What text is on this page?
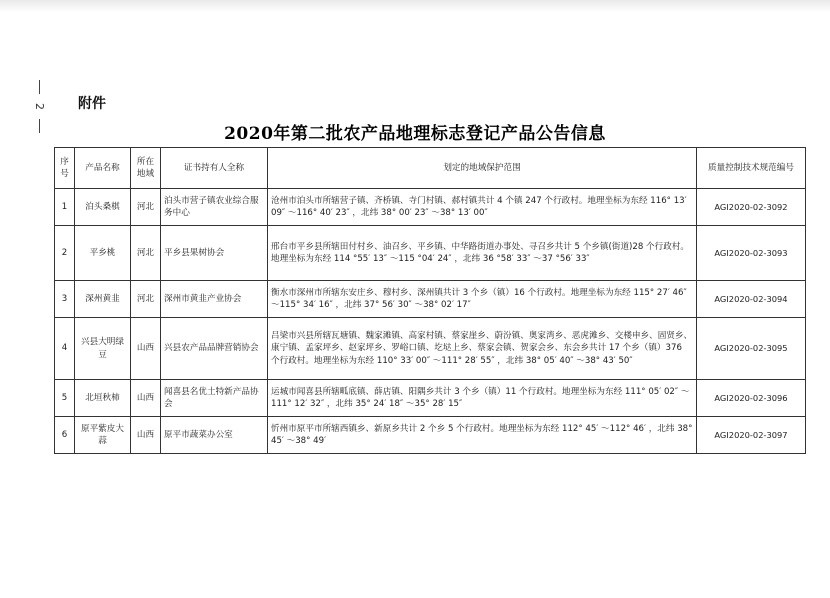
2 附件
2020年第二批农产品地理标志登记产品公告信息
序号	产品名称	所在地域	证书持有人全称	划定的地域保护范围	质量控制技术规范编号
1	泊头桑棋	河北	泊头市营子镇农业综合服务中心	沧州市泊头市所辖营子镇、齐桥镇、寺门村镇、郝村镇共计 4 个镇 247 个行政村。地理坐标为东经 116° 13′ 09″ ～116° 40′ 23″ ，北纬 38° 00′ 23″ ～38° 13′ 00″	AGI2020-02-3092
2	平乡桃	河北	平乡县果树协会	邢台市平乡县所辖田付村乡、油召乡、平乡镇、中华路街道办事处、寻召乡共计 5 个乡镇(街道)28 个行政村。地理坐标为东经 114 °55′ 13″ ～115 °04′ 24″ ，北纬 36 °58′ 33″ ～37 °56′ 33″	AGI2020-02-3093
3	深州黄韭	河北	深州市黄韭产业协会	衡水市深州市所辖东安庄乡、穆村乡、深州镇共计 3 个乡（镇）16 个行政村。地理坐标为东经 115° 27′ 46″ ～115° 34′ 16″ ，北纬 37° 56′ 30″ ～38° 02′ 17″	AGI2020-02-3094
4	兴县大明绿豆	山西	兴县农产品品牌营销协会	吕梁市兴县所辖瓦塘镇、魏家滩镇、高家村镇、蔡家崖乡、蔚汾镇、奥家湾乡、恶虎滩乡、交楼申乡、固贤乡、康宁镇、孟家坪乡、赵家坪乡、罗峪口镇、圪垯上乡、蔡家会镇、贺家会乡、东会乡共计 17 个乡（镇）376 个行政村。地理坐标为东经 110° 33′ 00″ ～111° 28′ 55″ ，北纬 38° 05′ 40″ ～38° 43′ 50″	AGI2020-02-3095
5	北垣秋柿	山西	闻喜县名优土特新产品协会	运城市闻喜县所辖畖底镇、薛店镇、阳隅乡共计 3 个乡（镇）11 个行政村。地理坐标为东经 111° 05′ 02″ ～111° 12′ 32″ ，北纬 35° 24′ 18″ ～35° 28′ 15″	AGI2020-02-3096
6	原平紫皮大蒜	山西	原平市蔬菜办公室	忻州市原平市所辖西镇乡、新原乡共计 2 个乡 5 个行政村。地理坐标为东经 112° 45′ ～112° 46′ ，北纬 38° 45′ ～38° 49′	AGI2020-02-3097
